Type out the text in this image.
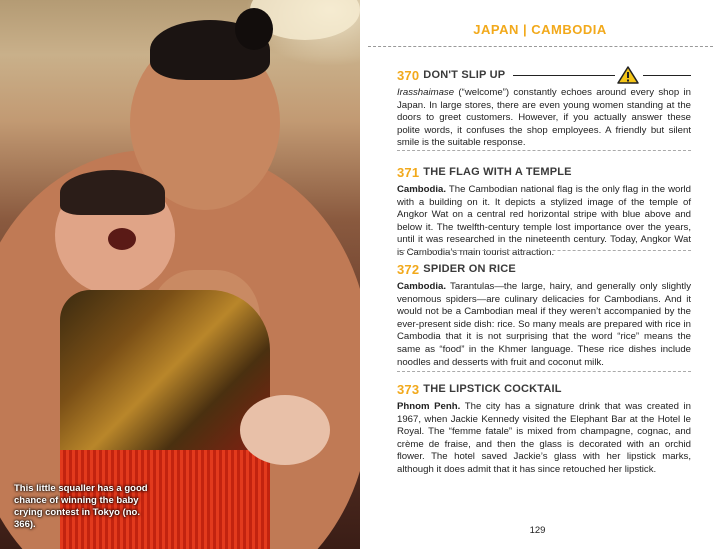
This little squaller has a good chance of winning the baby crying contest in Tokyo (no. 366).
JAPAN | CAMBODIA
370 DON'T SLIP UP
Irasshaimase (“welcome”) constantly echoes around every shop in Japan. In large stores, there are even young women standing at the doors to greet customers. However, if you actually answer these polite words, it confuses the shop employees. A friendly but silent smile is the suitable response.
371 THE FLAG WITH A TEMPLE
Cambodia. The Cambodian national flag is the only flag in the world with a building on it. It depicts a stylized image of the temple of Angkor Wat on a central red horizontal stripe with blue above and below it. The twelfth-century temple lost importance over the years, until it was researched in the nineteenth century. Today, Angkor Wat is Cambodia’s main tourist attraction.
372 SPIDER ON RICE
Cambodia. Tarantulas—the large, hairy, and generally only slightly venomous spiders—are culinary delicacies for Cambodians. And it would not be a Cambodian meal if they weren’t accompanied by the ever-present side dish: rice. So many meals are prepared with rice in Cambodia that it is not surprising that the word “rice” means the same as “food” in the Khmer language. These rice dishes include noodles and desserts with fruit and coconut milk.
373 THE LIPSTICK COCKTAIL
Phnom Penh. The city has a signature drink that was created in 1967, when Jackie Kennedy visited the Elephant Bar at the Hotel le Royal. The “femme fatale” is mixed from champagne, cognac, and crème de fraise, and then the glass is decorated with an orchid flower. The hotel saved Jackie’s glass with her lipstick marks, although it does admit that it has since retouched her lipstick.
129
